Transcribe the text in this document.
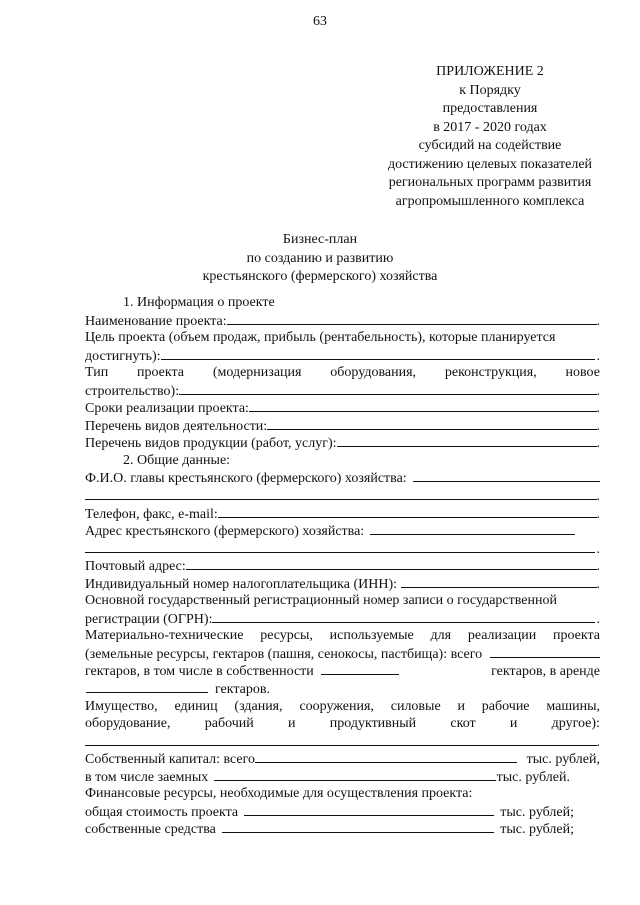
63
ПРИЛОЖЕНИЕ 2
к Порядку
предоставления
в 2017 - 2020 годах
субсидий на содействие
достижению целевых показателей
региональных программ развития
агропромышленного комплекса
Бизнес-план
по созданию и развитию
крестьянского (фермерского) хозяйства
1. Информация о проекте
Наименование проекта:	.
Цель проекта (объем продаж, прибыль (рентабельность), которые планируется
достигнуть):	.
Тип проекта (модернизация оборудования, реконструкция, новое
строительство):	.
Сроки реализации проекта:	.
Перечень видов деятельности:	.
Перечень видов продукции (работ, услуг):	.
2. Общие данные:
Ф.И.О. главы крестьянского (фермерского) хозяйства:
.
Телефон, факс, e-mail:	.
Адрес крестьянского (фермерского) хозяйства:
.
Почтовый адрес:	.
Индивидуальный номер налогоплательщика (ИНН):	.
Основной государственный регистрационный номер записи о государственной
регистрации (ОГРН):	.
Материально-технические ресурсы, используемые для реализации проекта
(земельные ресурсы, гектаров (пашня, сенокосы, пастбища): всего
гектаров, в том числе в собственности	гектаров, в аренде
гектаров.
Имущество, единиц (здания, сооружения, силовые и рабочие машины,
оборудование, рабочий и продуктивный скот и другое):
.
Собственный капитал: всего	тыс. рублей,
в том числе заемных	тыс. рублей.
Финансовые ресурсы, необходимые для осуществления проекта:
общая стоимость проекта	тыс. рублей;
собственные средства	тыс. рублей;
